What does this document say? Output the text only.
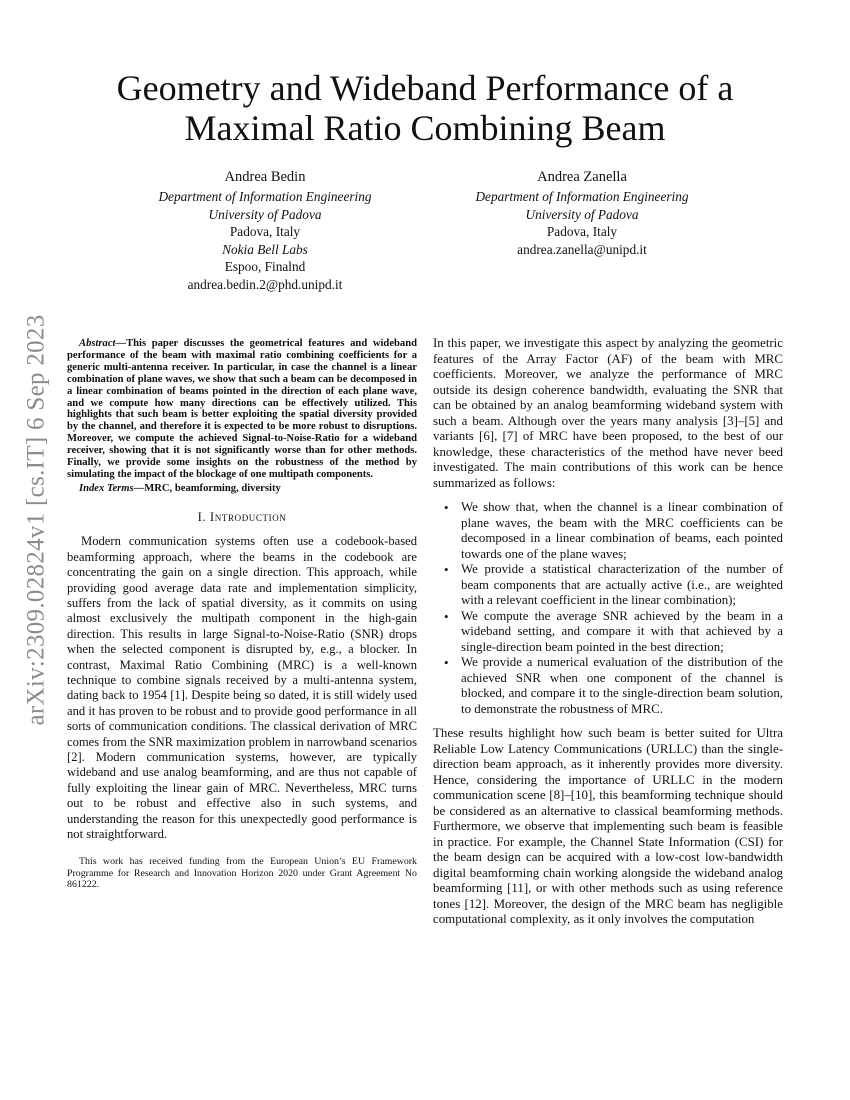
arXiv:2309.02824v1 [cs.IT] 6 Sep 2023
Geometry and Wideband Performance of a Maximal Ratio Combining Beam
Andrea Bedin
Department of Information Engineering
University of Padova
Padova, Italy
Nokia Bell Labs
Espoo, Finalnd
andrea.bedin.2@phd.unipd.it
Andrea Zanella
Department of Information Engineering
University of Padova
Padova, Italy
andrea.zanella@unipd.it

Abstract—This paper discusses the geometrical features and wideband performance of the beam with maximal ratio combining coefficients for a generic multi-antenna receiver. In particular, in case the channel is a linear combination of plane waves, we show that such a beam can be decomposed in a linear combination of beams pointed in the direction of each plane wave, and we compute how many directions can be effectively utilized. This highlights that such beam is better exploiting the spatial diversity provided by the channel, and therefore it is expected to be more robust to disruptions. Moreover, we compute the achieved Signal-to-Noise-Ratio for a wideband receiver, showing that it is not significantly worse than for other methods. Finally, we provide some insights on the robustness of the method by simulating the impact of the blockage of one multipath components.

Index Terms—MRC, beamforming, diversity

I. Introduction

Modern communication systems often use a codebook-based beamforming approach, where the beams in the codebook are concentrating the gain on a single direction. This approach, while providing good average data rate and implementation simplicity, suffers from the lack of spatial diversity, as it commits on using almost exclusively the multipath component in the high-gain direction. This results in large Signal-to-Noise-Ratio (SNR) drops when the selected component is disrupted by, e.g., a blocker. In contrast, Maximal Ratio Combining (MRC) is a well-known technique to combine signals received by a multi-antenna system, dating back to 1954 [1]. Despite being so dated, it is still widely used and it has proven to be robust and to provide good performance in all sorts of communication conditions. The classical derivation of MRC comes from the SNR maximization problem in narrowband scenarios [2]. Modern communication systems, however, are typically wideband and use analog beamforming, and are thus not capable of fully exploiting the linear gain of MRC. Nevertheless, MRC turns out to be robust and effective also in such systems, and understanding the reason for this unexpectedly good performance is not straightforward.

This work has received funding from the European Union’s EU Framework Programme for Research and Innovation Horizon 2020 under Grant Agreement No 861222.

In this paper, we investigate this aspect by analyzing the geometric features of the Array Factor (AF) of the beam with MRC coefficients. Moreover, we analyze the performance of MRC outside its design coherence bandwidth, evaluating the SNR that can be obtained by an analog beamforming wideband system with such a beam. Although over the years many analysis [3]–[5] and variants [6], [7] of MRC have been proposed, to the best of our knowledge, these characteristics of the method have never beed investigated. The main contributions of this work can be hence summarized as follows:

• We show that, when the channel is a linear combination of plane waves, the beam with the MRC coefficients can be decomposed in a linear combination of beams, each pointed towards one of the plane waves;
• We provide a statistical characterization of the number of beam components that are actually active (i.e., are weighted with a relevant coefficient in the linear combination);
• We compute the average SNR achieved by the beam in a wideband setting, and compare it with that achieved by a single-direction beam pointed in the best direction;
• We provide a numerical evaluation of the distribution of the achieved SNR when one component of the channel is blocked, and compare it to the single-direction beam solution, to demonstrate the robustness of MRC.

These results highlight how such beam is better suited for Ultra Reliable Low Latency Communications (URLLC) than the single-direction beam approach, as it inherently provides more diversity. Hence, considering the importance of URLLC in the modern communication scene [8]–[10], this beamforming technique should be considered as an alternative to classical beamforming methods. Furthermore, we observe that implementing such beam is feasible in practice. For example, the Channel State Information (CSI) for the beam design can be acquired with a low-cost low-bandwidth digital beamforming chain working alongside the wideband analog beamforming [11], or with other methods such as using reference tones [12]. Moreover, the design of the MRC beam has negligible computational complexity, as it only involves the computation
